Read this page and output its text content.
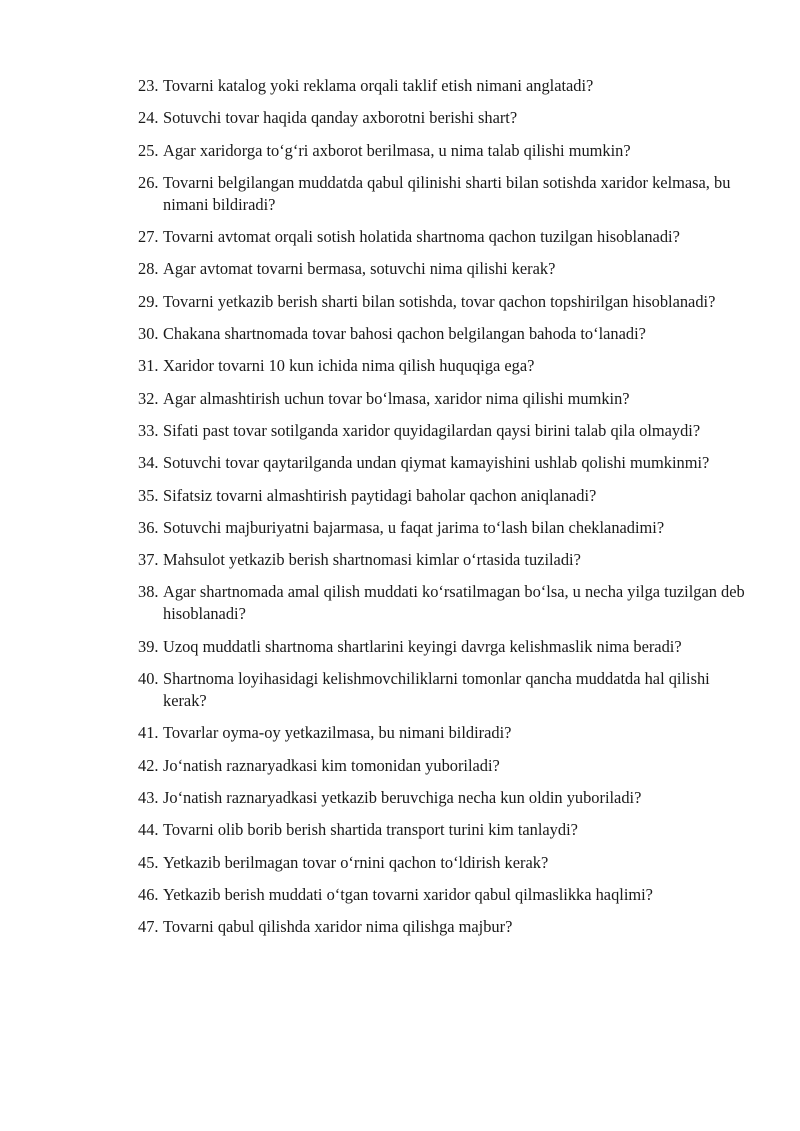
23. Tovarni katalog yoki reklama orqali taklif etish nimani anglatadi?
24. Sotuvchi tovar haqida qanday axborotni berishi shart?
25. Agar xaridorga to‘g‘ri axborot berilmasa, u nima talab qilishi mumkin?
26. Tovarni belgilangan muddatda qabul qilinishi sharti bilan sotishda xaridor kelmasa, bu nimani bildiradi?
27. Tovarni avtomat orqali sotish holatida shartnoma qachon tuzilgan hisoblanadi?
28. Agar avtomat tovarni bermasa, sotuvchi nima qilishi kerak?
29. Tovarni yetkazib berish sharti bilan sotishda, tovar qachon topshirilgan hisoblanadi?
30. Chakana shartnomada tovar bahosi qachon belgilangan bahoda to‘lanadi?
31. Xaridor tovarni 10 kun ichida nima qilish huquqiga ega?
32. Agar almashtirish uchun tovar bo‘lmasa, xaridor nima qilishi mumkin?
33. Sifati past tovar sotilganda xaridor quyidagilardan qaysi birini talab qila olmaydi?
34. Sotuvchi tovar qaytarilganda undan qiymat kamayishini ushlab qolishi mumkinmi?
35. Sifatsiz tovarni almashtirish paytidagi baholar qachon aniqlanadi?
36. Sotuvchi majburiyatni bajarmasa, u faqat jarima to‘lash bilan cheklanadimi?
37. Mahsulot yetkazib berish shartnomasi kimlar o‘rtasida tuziladi?
38. Agar shartnomada amal qilish muddati ko‘rsatilmagan bo‘lsa, u necha yilga tuzilgan deb hisoblanadi?
39. Uzoq muddatli shartnoma shartlarini keyingi davrga kelishmaslik nima beradi?
40. Shartnoma loyihasidagi kelishmovchiliklarni tomonlar qancha muddatda hal qilishi kerak?
41. Tovarlar oyma-oy yetkazilmasa, bu nimani bildiradi?
42. Jo‘natish raznaryadkasi kim tomonidan yuboriladi?
43. Jo‘natish raznaryadkasi yetkazib beruvchiga necha kun oldin yuboriladi?
44. Tovarni olib borib berish shartida transport turini kim tanlaydi?
45. Yetkazib berilmagan tovar o‘rnini qachon to‘ldirish kerak?
46. Yetkazib berish muddati o‘tgan tovarni xaridor qabul qilmaslikka haqlimi?
47. Tovarni qabul qilishda xaridor nima qilishga majbur?
